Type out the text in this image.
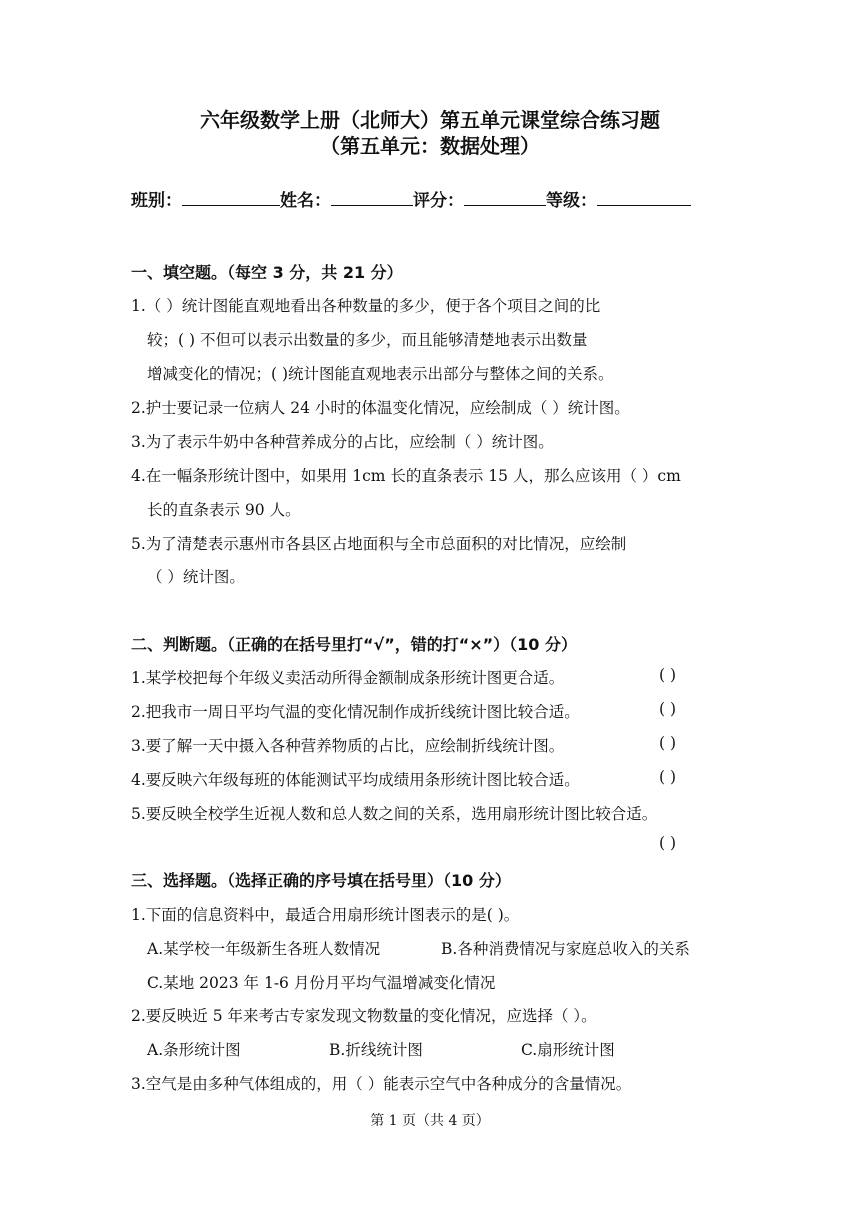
六年级数学上册（北师大）第五单元课堂综合练习题
（第五单元：数据处理）
班别：	姓名：	评分：	等级：
一、填空题。（每空 3 分，共 21 分）
1.（ ）统计图能直观地看出各种数量的多少，便于各个项目之间的比
较；( ) 不但可以表示出数量的多少，而且能够清楚地表示出数量
增减变化的情况；( )统计图能直观地表示出部分与整体之间的关系。
2.护士要记录一位病人 24 小时的体温变化情况，应绘制成（ ）统计图。
3.为了表示牛奶中各种营养成分的占比，应绘制（ ）统计图。
4.在一幅条形统计图中，如果用 1cm 长的直条表示 15 人，那么应该用（ ）cm
长的直条表示 90 人。
5.为了清楚表示惠州市各县区占地面积与全市总面积的对比情况，应绘制
（ ）统计图。
二、判断题。（正确的在括号里打“√”，错的打“×”）（10 分）
1.某学校把每个年级义卖活动所得金额制成条形统计图更合适。	( )
2.把我市一周日平均气温的变化情况制作成折线统计图比较合适。	( )
3.要了解一天中摄入各种营养物质的占比，应绘制折线统计图。	( )
4.要反映六年级每班的体能测试平均成绩用条形统计图比较合适。	( )
5.要反映全校学生近视人数和总人数之间的关系，选用扇形统计图比较合适。
( )
三、选择题。（选择正确的序号填在括号里）（10 分）
1.下面的信息资料中，最适合用扇形统计图表示的是( )。
A.某学校一年级新生各班人数情况	B.各种消费情况与家庭总收入的关系
C.某地 2023 年 1-6 月份月平均气温增减变化情况
2.要反映近 5 年来考古专家发现文物数量的变化情况，应选择（ ）。
A.条形统计图	B.折线统计图	C.扇形统计图
3.空气是由多种气体组成的，用（ ）能表示空气中各种成分的含量情况。
第 1 页（共 4 页）
